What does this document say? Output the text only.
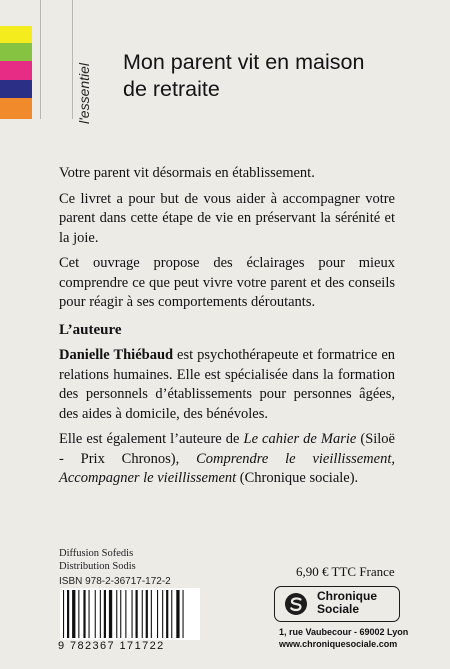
l'essentiel
Mon parent vit en maison
de retraite

Votre parent vit désormais en établissement.

Ce livret a pour but de vous aider à accompagner votre parent dans cette étape de vie en préservant la sérénité et la joie.

Cet ouvrage propose des éclairages pour mieux comprendre ce que peut vivre votre parent et des conseils pour réagir à ses comportements déroutants.

L’auteure

Danielle Thiébaud est psychothérapeute et formatrice en relations humaines. Elle est spécialisée dans la formation des personnels d’établissements pour personnes âgées, des aides à domicile, des bénévoles.

Elle est également l’auteure de Le cahier de Marie (Siloë - Prix Chronos), Comprendre le vieillissement, Accompagner le vieillissement (Chronique sociale).

Diffusion Sofedis
Distribution Sodis
ISBN 978-2-36717-172-2
9 782367 171722
6,90 € TTC France
Chronique
Sociale
1, rue Vaubecour - 69002 Lyon
www.chroniquesociale.com
